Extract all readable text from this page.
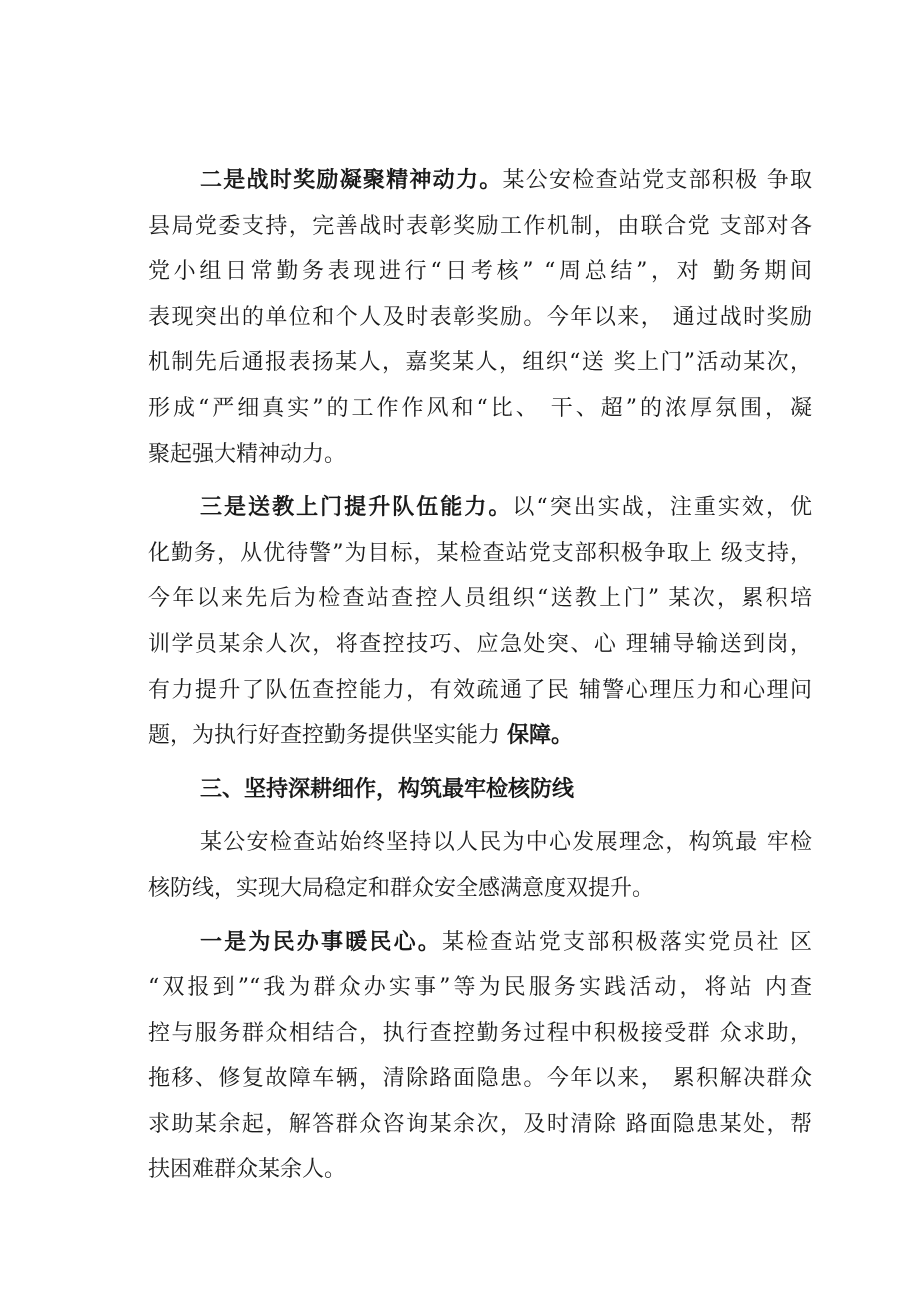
二是战时奖励凝聚精神动力。某公安检查站党支部积极 争取
县局党委支持，完善战时表彰奖励工作机制，由联合党 支部对各
党小组日常勤务表现进行“日考核” “周总结”，对 勤务期间
表现突出的单位和个人及时表彰奖励。今年以来， 通过战时奖励
机制先后通报表扬某人，嘉奖某人，组织“送 奖上门”活动某次，
形成“严细真实”的工作作风和“比、 干、超”的浓厚氛围，凝
聚起强大精神动力。
三是送教上门提升队伍能力。以“突出实战，注重实效，优
化勤务，从优待警”为目标，某检查站党支部积极争取上 级支持，
今年以来先后为检查站查控人员组织“送教上门” 某次，累积培
训学员某余人次，将查控技巧、应急处突、心 理辅导输送到岗，
有力提升了队伍查控能力，有效疏通了民 辅警心理压力和心理问
题，为执行好查控勤务提供坚实能力 保障。
三、坚持深耕细作，构筑最牢检核防线
某公安检查站始终坚持以人民为中心发展理念，构筑最 牢检
核防线，实现大局稳定和群众安全感满意度双提升。
一是为民办事暖民心。某检查站党支部积极落实党员社 区
“双报到”“我为群众办实事”等为民服务实践活动，将站 内查
控与服务群众相结合，执行查控勤务过程中积极接受群 众求助，
拖移、修复故障车辆，清除路面隐患。今年以来， 累积解决群众
求助某余起，解答群众咨询某余次，及时清除 路面隐患某处，帮
扶困难群众某余人。
